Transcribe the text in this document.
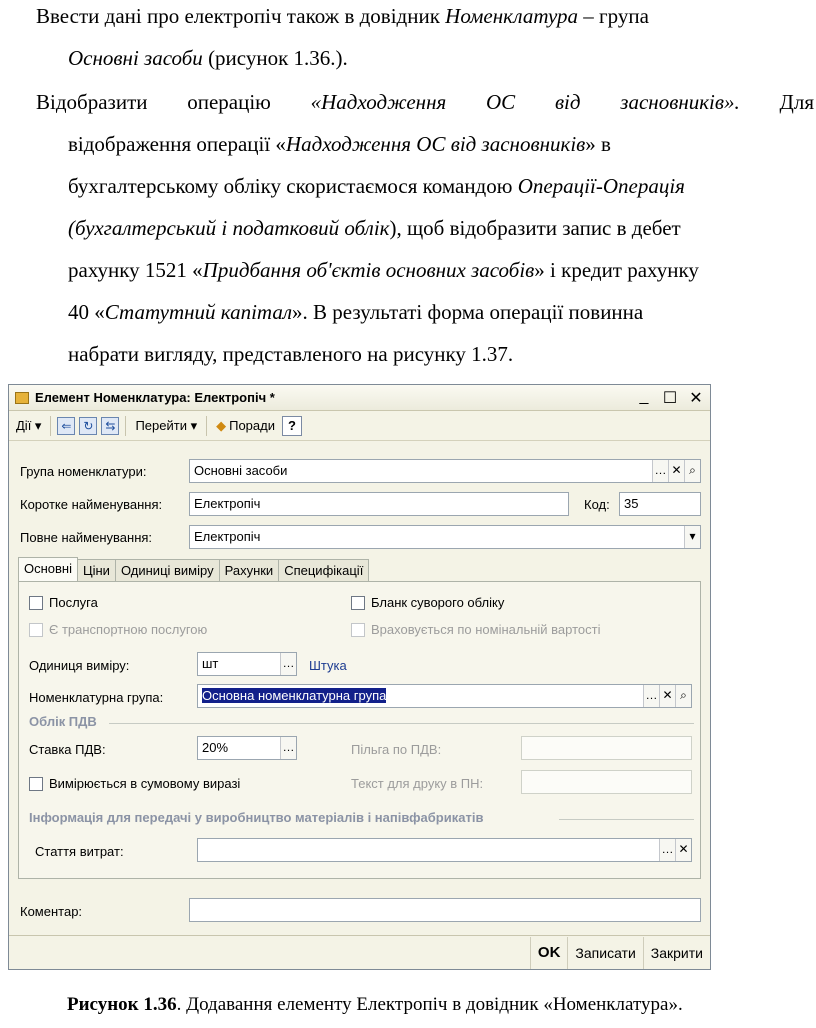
Ввести дані про електропіч також в довідник Номенклатура – група
Основні засоби (рисунок 1.36.).
Відобразити операцію «Надходження ОС від засновників». Для
відображення операції «Надходження ОС від засновників» в
бухгалтерському обліку скористаємося командою Операції-Операція
(бухгалтерський і податковий облік), щоб відобразити запис в дебет
рахунку 1521 «Придбання об'єктів основних засобів» і кредит рахунку
40 «Статутний капітал». В результаті форма операції повинна
набрати вигляду, представленого на рисунку 1.37.
Елемент Номенклатура: Електропіч *	_ ☐ ✕
Дії ▾	⇐ ↻ ⇆	Перейти ▾ ◆ Поради	?
Група номенклатури:	Основні засоби	… ✕ ⌕
Коротке найменування:	Електропіч	Код:	35
Повне найменування:	Електропіч	▾
Основні Ціни Одиниці виміру Рахунки Специфікації
Послуга	Бланк суворого обліку
Є транспортною послугою	Враховується по номінальній вартості
Одиниця виміру:	шт	… Штука
Номенклатурна група:	Основна номенклатурна група	… ✕ ⌕
Облік ПДВ
Ставка ПДВ:	20%	…	Пільга по ПДВ:
Вимірюється в сумовому виразі	Текст для друку в ПН:
Інформація для передачі у виробництво матеріалів і напівфабрикатів
Стаття витрат:	… ✕
Коментар:
OK	Записати	Закрити
Рисунок 1.36. Додавання елементу Електропіч в довідник «Номенклатура».
